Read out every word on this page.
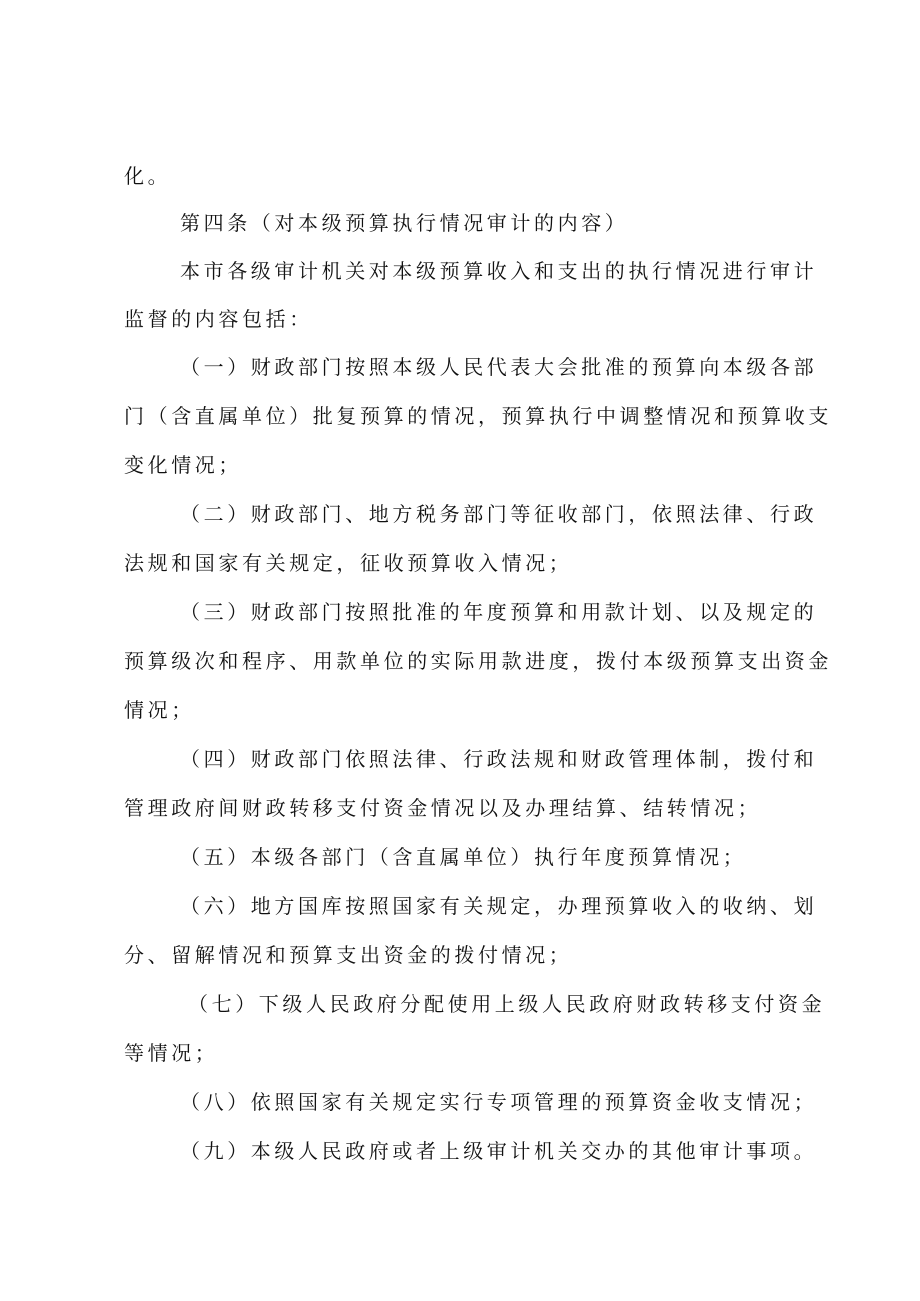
化。
第四条（对本级预算执行情况审计的内容）
本市各级审计机关对本级预算收入和支出的执行情况进行审计
监督的内容包括：
（一）财政部门按照本级人民代表大会批准的预算向本级各部
门（含直属单位）批复预算的情况，预算执行中调整情况和预算收支
变化情况；
（二）财政部门、地方税务部门等征收部门，依照法律、行政
法规和国家有关规定，征收预算收入情况；
（三）财政部门按照批准的年度预算和用款计划、以及规定的
预算级次和程序、用款单位的实际用款进度，拨付本级预算支出资金
情况；
（四）财政部门依照法律、行政法规和财政管理体制，拨付和
管理政府间财政转移支付资金情况以及办理结算、结转情况；
（五）本级各部门（含直属单位）执行年度预算情况；
（六）地方国库按照国家有关规定，办理预算收入的收纳、划
分、留解情况和预算支出资金的拨付情况；
（七）下级人民政府分配使用上级人民政府财政转移支付资金
等情况；
（八）依照国家有关规定实行专项管理的预算资金收支情况；
（九）本级人民政府或者上级审计机关交办的其他审计事项。
